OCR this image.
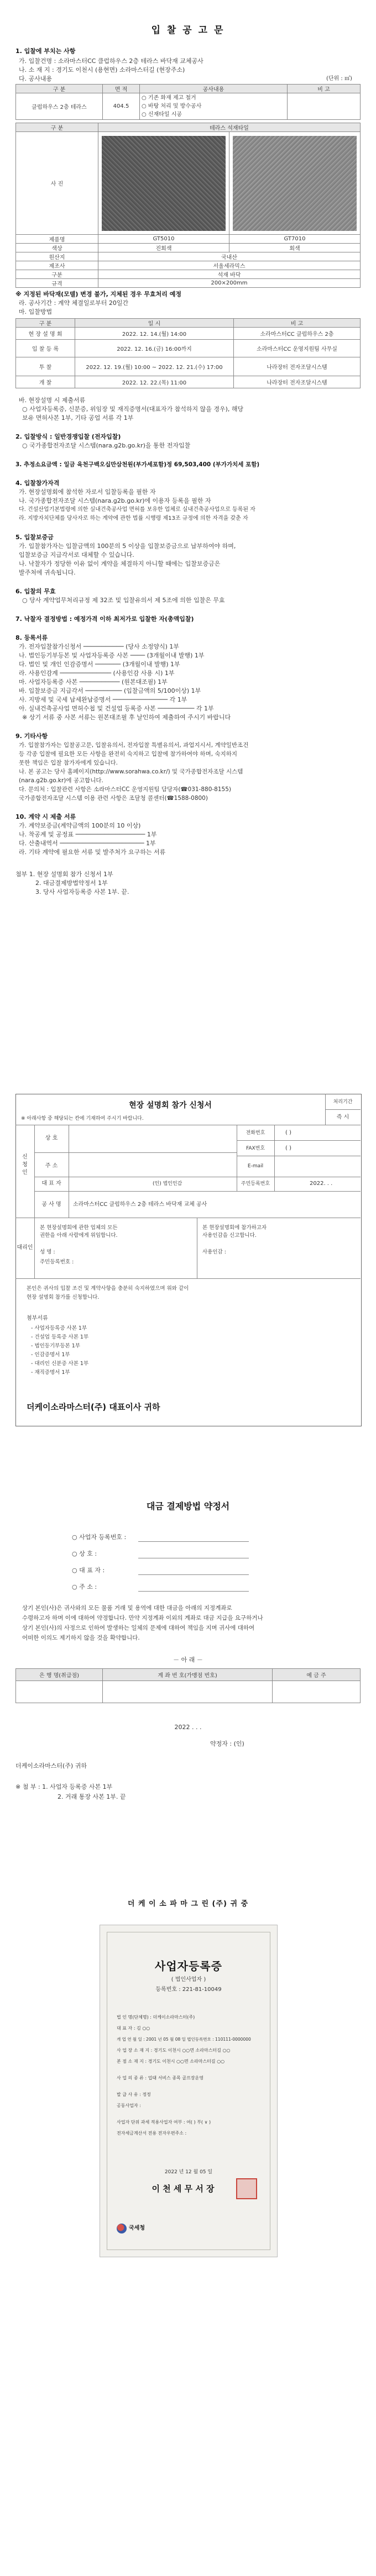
입 찰 공 고 문
1. 입찰에 부치는 사항
가. 입찰건명 : 소라마스터CC 클럽하우스 2층 테라스 바닥재 교체공사
나. 소 재 지 : 경기도 이천시 (용현면) 소라마스터길 (현장주소)
다. 공사내용	(단위 : ㎡)
구 분	면 적	공사내용	비 고
클럽하우스 2층 테라스	404.5	○ 기존 화재 제고 철거
○ 바탕 처리 및 방수공사
○ 신재타일 시공	

구 분	테라스 석재타일	
사 진	

제품명	GT5010	GT7010
색상	진회색	회색
원산지	국내산	
제조사	서울세라믹스	
구분	석재 바닥	
규격	200×200mm	
※ 지정된 바닥재(모델) 변경 불가, 지체된 경우 무효처리 예정
라. 공사기간 : 계약 체결일로부터 20일간
마. 입찰방법
구 분	일 시	비 고
현 장 설 명 회	2022. 12. 14.(월) 14:00	소라마스터CC 클럽하우스 2층
입 찰 등 록	2022. 12. 16.(금) 16:00까지	소라마스터CC 운영지원팀 사무실
투 찰	2022. 12. 19.(월) 10:00 ~ 2022. 12. 21.(수) 17:00	나라장터 전자조달시스템
개 찰	2022. 12. 22.(목) 11:00	나라장터 전자조달시스템
바. 현장설명 시 제출서류
○ 사업자등록증, 신분증, 위임장 및 재직증명서(대표자가 참석하지 않을 경우), 해당
보유 면허사본 1부, 기타 공업 서류 각 1부
2. 입찰방식 : 일반경쟁입찰 (전자입찰)
○ 국가종합전자조달 시스템(nara.g2b.go.kr)을 통한 전자입찰
3. 추정소요금액 : 일금 육천구백오십만삼천원(부가세포함)정 69,503,400 (부가가치세 포함)
4. 입찰참가자격
가. 현장설명회에 참석한 자로서 입찰등록을 필한 자
나. 국가종합전자조달 시스템(nara.g2b.go.kr)에 이용자 등록을 필한 자
다. 건설산업기본법령에 의한 실내건축공사업 면허를 보유한 업체로 실내건축공사업으로 등록된 자
라. 지방자치단체를 당사자로 하는 계약에 관한 법률 시행령 제13조 규정에 의한 자격을 갖춘 자
5. 입찰보증금
가. 입찰참가자는 입찰금액의 100분의 5 이상을 입찰보증금으로 납부하여야 하며,
입찰보증금 지급각서로 대체할 수 있습니다.
나. 낙찰자가 정당한 이유 없이 계약을 체결하지 아니할 때에는 입찰보증금은
발주처에 귀속됩니다.
6. 입찰의 무효
○ 당사 계약업무처리규정 제 32조 및 입찰유의서 제 5조에 의한 입찰은 무효
7. 낙찰자 결정방법 : 예정가격 이하 최저가로 입찰한 자(총액입찰)
8. 등록서류
가. 전자입찰참가신청서 ─────────── (당사 소정양식) 1부
나. 법인등기부등본 및 사업자등록증 사본 ──── (3개월이내 발행) 1부
다. 법인 및 개인 인감증명서 ─────── (3개월이내 발행) 1부
라. 사용인감계 ────────────── (사용인감 사용 시) 1부
마. 사업자등록증 사본 ─────────── (원본대조필) 1부
바. 입찰보증금 지급각서 ────────── (입찰금액의 5/100이상) 1부
사. 지방세 및 국세 납세완납증명서 ─────────────── 각 1부
아. 실내건축공사업 면허수첩 및 건설업 등록증 사본 ────────── 각 1부
※ 상기 서류 중 사본 서류는 원본대조필 후 날인하여 제출하여 주시기 바랍니다
9. 기타사항
가. 입찰참가자는 입찰공고문, 입찰유의서, 전자입찰 특별유의서, 과업지시서, 계약일반조건
등 각종 입찰에 필요한 모든 사항을 완전히 숙지하고 입찰에 참가하여야 하며, 숙지하지
못한 책임은 입찰 참가자에게 있습니다.
나. 본 공고는 당사 홈페이지(http://www.sorahwa.co.kr/) 및 국가종합전자조달 시스템
(nara.g2b.go.kr)에 공고합니다.
다. 문의처 : 입찰관련 사항은 소라마스터CC 운영지원팀 담당자(☎031-880-8155)
국가종합전자조달 시스템 이용 관련 사항은 조달청 콜센터(☎1588-0800)
10. 계약 시 제출 서류
가. 계약보증금(계약금액의 100분의 10 이상)
나. 착공계 및 공정표 ─────────────────── 1부
다. 산출내역서 ─────────────────────── 1부
라. 기타 계약에 필요한 서류 및 발주처가 요구하는 서류
첨부 1. 현장 설명회 참가 신청서 1부
2. 대금결제방법약정서 1부
3. 당사 사업자등록증 사본 1부. 끝.
현장 설명회 참가 신청서	처리기간
즉 시
※ 아래사항 중 해당되는 칸에 기재하여 주시기 바랍니다.
신
청
인
상 호
주 소
대 표 자	(인) 법인인감	주민등록번호	2022. . .
전화번호	( )
FAX번호	( )
E-mail
공 사 명	소라마스터CC 클럽하우스 2층 테라스 바닥재 교체 공사
대리인
본 현장설명회에 관한 업체의 모든
권한을 아래 사람에게 위임합니다.
성 명 :
주민등록번호 :
본 현장설명회에 참가하고자
사용인감을 신고합니다.
사용인감 :
본인은 귀사의 입찰 조건 및 계약사항을 충분히 숙지하였으며 위와 같이
현장 설명회 참가를 신청합니다.
첨부서류
- 사업자등록증 사본 1부
- 건설업 등록증 사본 1부
- 법인등기부등본 1부
- 인감증명서 1부
- 대리인 신분증 사본 1부
- 재직증명서 1부
더케이소라마스터(주) 대표이사 귀하
대금 결제방법 약정서
○ 사업자 등록번호 :
○ 상 호 :
○ 대 표 자 :
○ 주 소 :
상기 본인(사)은 귀사와의 모든 물품 거래 및 용역에 대한 대금을 아래의 지정계좌로
수령하고자 하며 이에 대하여 약정합니다. 만약 지정계좌 이외의 계좌로 대금 지급을 요구하거나
상기 본인(사)의 사정으로 인하여 발생하는 일체의 문제에 대하여 책임을 지며 귀사에 대하여
어떠한 이의도 제기하지 않을 것을 확약합니다.
－ 아 래 －
은 행 명(취급점)	계 좌 번 호(가맹점 번호)	예 금 주

2022 . . .
약정자 : (인)
더케이소라마스터(주) 귀하
※ 첨 부 : 1. 사업자 등록증 사본 1부
2. 거래 통장 사본 1부. 끝
더 케 이 소 파 마 그 린 (주) 귀 중
사업자등록증
( 법인사업자 )
등록번호 : 221-81-10049
법 인 명(단체명) : 더케이소라마스터(주)
대 표 자 : 김 ○○
개 업 연 월 일 : 2001 년 05 월 08 일 법인등록번호 : 110111-0000000
사 업 장 소 재 지 : 경기도 이천시 ○○면 소라마스터길 ○○
본 점 소 재 지 : 경기도 이천시 ○○면 소라마스터길 ○○
사 업 의 종 류 : 업태 서비스 종목 골프장운영
발 급 사 유 : 정정
공동사업자 :
사업자 단위 과세 적용사업자 여부 : 여( ) 부( ∨ )
전자세금계산서 전용 전자우편주소 :
2022 년 12 월 05 일
이 천 세 무 서 장
국세청
